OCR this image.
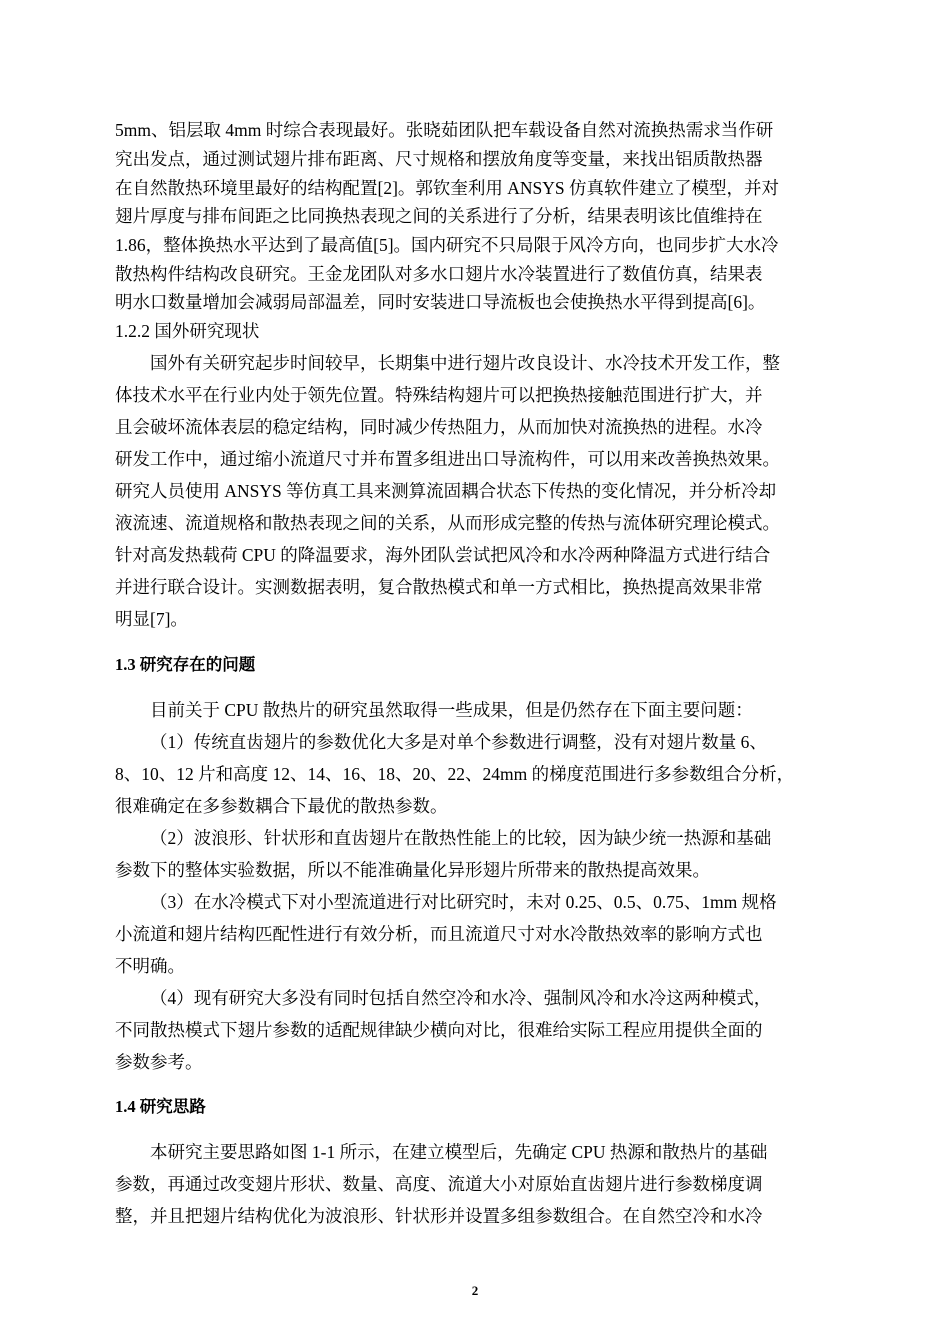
5mm、铝层取 4mm 时综合表现最好。张晓茹团队把车载设备自然对流换热需求当作研
究出发点，通过测试翅片排布距离、尺寸规格和摆放角度等变量，来找出铝质散热器
在自然散热环境里最好的结构配置[2]。郭钦奎利用 ANSYS 仿真软件建立了模型，并对
翅片厚度与排布间距之比同换热表现之间的关系进行了分析，结果表明该比值维持在
1.86，整体换热水平达到了最高值[5]。国内研究不只局限于风冷方向，也同步扩大水冷
散热构件结构改良研究。王金龙团队对多水口翅片水冷装置进行了数值仿真，结果表
明水口数量增加会减弱局部温差，同时安装进口导流板也会使换热水平得到提高[6]。
1.2.2 国外研究现状
国外有关研究起步时间较早，长期集中进行翅片改良设计、水冷技术开发工作，整
体技术水平在行业内处于领先位置。特殊结构翅片可以把换热接触范围进行扩大，并
且会破坏流体表层的稳定结构，同时减少传热阻力，从而加快对流换热的进程。水冷
研发工作中，通过缩小流道尺寸并布置多组进出口导流构件，可以用来改善换热效果。
研究人员使用 ANSYS 等仿真工具来测算流固耦合状态下传热的变化情况，并分析冷却
液流速、流道规格和散热表现之间的关系，从而形成完整的传热与流体研究理论模式。
针对高发热载荷 CPU 的降温要求，海外团队尝试把风冷和水冷两种降温方式进行结合
并进行联合设计。实测数据表明，复合散热模式和单一方式相比，换热提高效果非常
明显[7]。
1.3 研究存在的问题
目前关于 CPU 散热片的研究虽然取得一些成果，但是仍然存在下面主要问题：
（1）传统直齿翅片的参数优化大多是对单个参数进行调整，没有对翅片数量 6、
8、10、12 片和高度 12、14、16、18、20、22、24mm 的梯度范围进行多参数组合分析，
很难确定在多参数耦合下最优的散热参数。
（2）波浪形、针状形和直齿翅片在散热性能上的比较，因为缺少统一热源和基础
参数下的整体实验数据，所以不能准确量化异形翅片所带来的散热提高效果。
（3）在水冷模式下对小型流道进行对比研究时，未对 0.25、0.5、0.75、1mm 规格
小流道和翅片结构匹配性进行有效分析，而且流道尺寸对水冷散热效率的影响方式也
不明确。
（4）现有研究大多没有同时包括自然空冷和水冷、强制风冷和水冷这两种模式，
不同散热模式下翅片参数的适配规律缺少横向对比，很难给实际工程应用提供全面的
参数参考。
1.4 研究思路
本研究主要思路如图 1-1 所示，在建立模型后，先确定 CPU 热源和散热片的基础
参数，再通过改变翅片形状、数量、高度、流道大小对原始直齿翅片进行参数梯度调
整，并且把翅片结构优化为波浪形、针状形并设置多组参数组合。在自然空冷和水冷
2
